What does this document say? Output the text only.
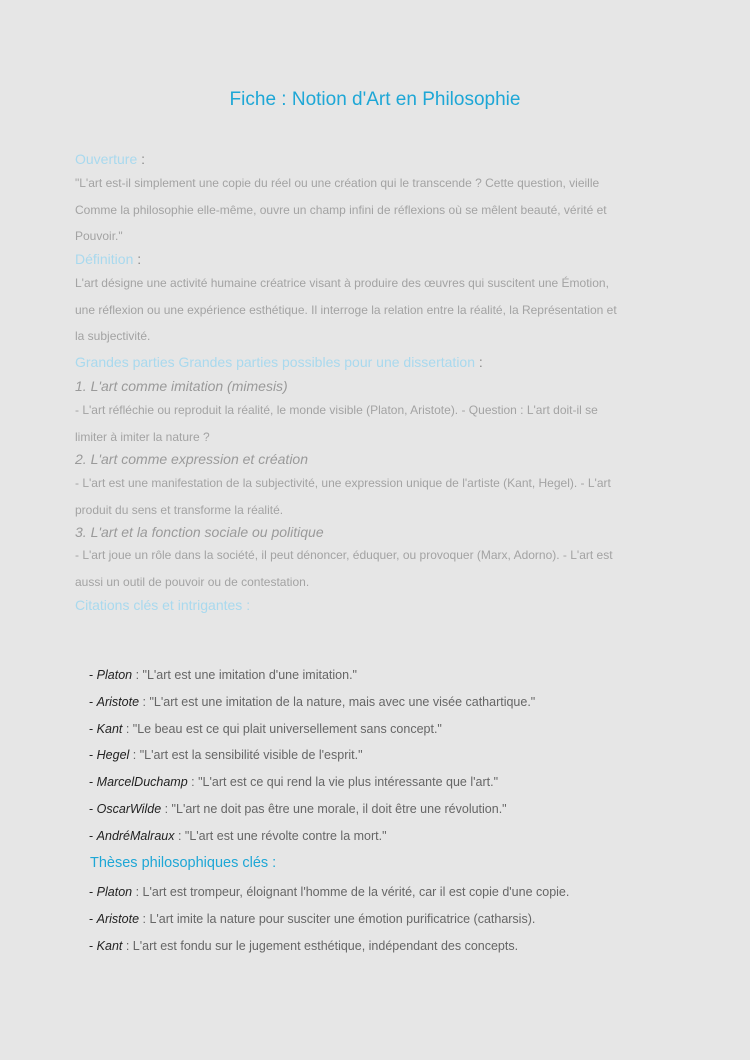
Fiche : Notion d'Art en Philosophie
Ouverture :

"L'art est-il simplement une copie du réel ou une création qui le transcende ? Cette question, vieille

Comme la philosophie elle-même, ouvre un champ infini de réflexions où se mêlent beauté, vérité et

Pouvoir."

Définition :

L'art désigne une activité humaine créatrice visant à produire des œuvres qui suscitent une Émotion,

une réflexion ou une expérience esthétique. Il interroge la relation entre la réalité, la Représentation et

la subjectivité.

Grandes parties Grandes parties possibles pour une dissertation :
1. L'art comme imitation (mimesis)

- L'art réfléchie ou reproduit la réalité, le monde visible (Platon, Aristote). - Question : L'art doit-il se

limiter à imiter la nature ?

2. L'art comme expression et création

- L'art est une manifestation de la subjectivité, une expression unique de l'artiste (Kant, Hegel). - L'art

produit du sens et transforme la réalité.

3. L'art et la fonction sociale ou politique

- L'art joue un rôle dans la société, il peut dénoncer, éduquer, ou provoquer (Marx, Adorno). - L'art est

aussi un outil de pouvoir ou de contestation.

Citations clés et intrigantes :
- Platon : "L'art est une imitation d'une imitation."
- Aristote : "L'art est une imitation de la nature, mais avec une visée cathartique."
- Kant : "Le beau est ce qui plait universellement sans concept."
- Hegel : "L'art est la sensibilité visible de l'esprit."
- MarcelDuchamp : "L'art est ce qui rend la vie plus intéressante que l'art."
- OscarWilde : "L'art ne doit pas être une morale, il doit être une révolution."
- AndréMalraux : "L'art est une révolte contre la mort."
Thèses philosophiques clés :
- Platon : L'art est trompeur, éloignant l'homme de la vérité, car il est copie d'une copie.
- Aristote : L'art imite la nature pour susciter une émotion purificatrice (catharsis).
- Kant : L'art est fondu sur le jugement esthétique, indépendant des concepts.
